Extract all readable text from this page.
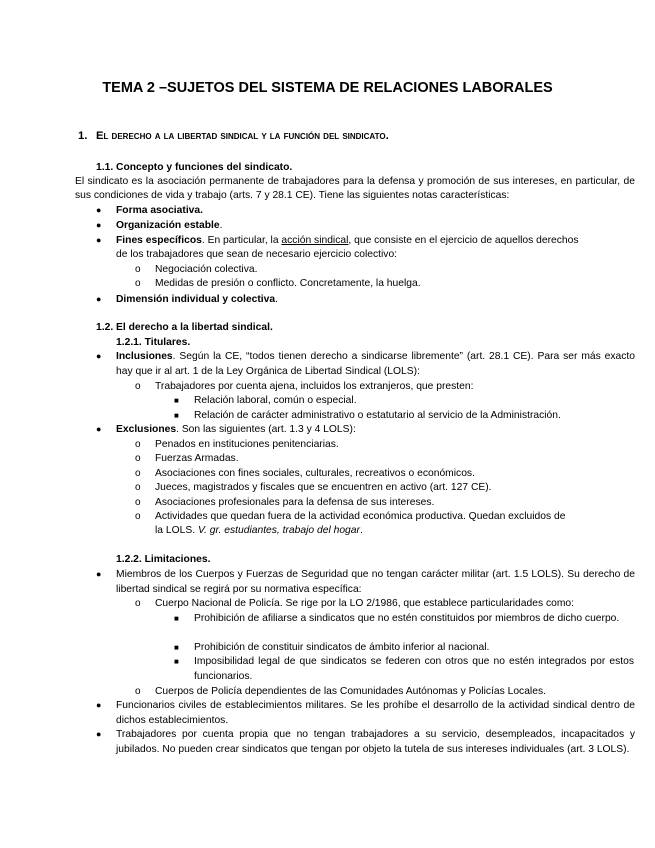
TEMA 2 –SUJETOS DEL SISTEMA DE RELACIONES LABORALES
1. El derecho a la libertad sindical y la función del sindicato.
1.1. Concepto y funciones del sindicato.
El sindicato es la asociación permanente de trabajadores para la defensa y promoción de sus intereses, en particular, de sus condiciones de vida y trabajo (arts. 7 y 28.1 CE). Tiene las siguientes notas características:
● Forma asociativa.
● Organización estable.
● Fines específicos. En particular, la acción sindical, que consiste en el ejercicio de aquellos derechos
de los trabajadores que sean de necesario ejercicio colectivo:
o Negociación colectiva.
o Medidas de presión o conflicto. Concretamente, la huelga.
● Dimensión individual y colectiva.
1.2. El derecho a la libertad sindical.
1.2.1. Titulares.
● Inclusiones. Según la CE, “todos tienen derecho a sindicarse libremente” (art. 28.1 CE). Para ser más exacto hay que ir al art. 1 de la Ley Orgánica de Libertad Sindical (LOLS):
o Trabajadores por cuenta ajena, incluidos los extranjeros, que presten:
■ Relación laboral, común o especial.
■ Relación de carácter administrativo o estatutario al servicio de la Administración.
● Exclusiones. Son las siguientes (art. 1.3 y 4 LOLS):
o Penados en instituciones penitenciarias.
o Fuerzas Armadas.
o Asociaciones con fines sociales, culturales, recreativos o económicos.
o Jueces, magistrados y fiscales que se encuentren en activo (art. 127 CE).
o Asociaciones profesionales para la defensa de sus intereses.
o Actividades que quedan fuera de la actividad económica productiva. Quedan excluidos de
la LOLS. V. gr. estudiantes, trabajo del hogar.
1.2.2. Limitaciones.
● Miembros de los Cuerpos y Fuerzas de Seguridad que no tengan carácter militar (art. 1.5 LOLS). Su derecho de libertad sindical se regirá por su normativa específica:
o Cuerpo Nacional de Policía. Se rige por la LO 2/1986, que establece particularidades como:
■ Prohibición de afiliarse a sindicatos que no estén constituidos por miembros de dicho cuerpo.
■ Prohibición de constituir sindicatos de ámbito inferior al nacional.
■ Imposibilidad legal de que sindicatos se federen con otros que no estén integrados por estos funcionarios.
o Cuerpos de Policía dependientes de las Comunidades Autónomas y Policías Locales.
● Funcionarios civiles de establecimientos militares. Se les prohíbe el desarrollo de la actividad sindical dentro de dichos establecimientos.
● Trabajadores por cuenta propia que no tengan trabajadores a su servicio, desempleados, incapacitados y jubilados. No pueden crear sindicatos que tengan por objeto la tutela de sus intereses individuales (art. 3 LOLS).
